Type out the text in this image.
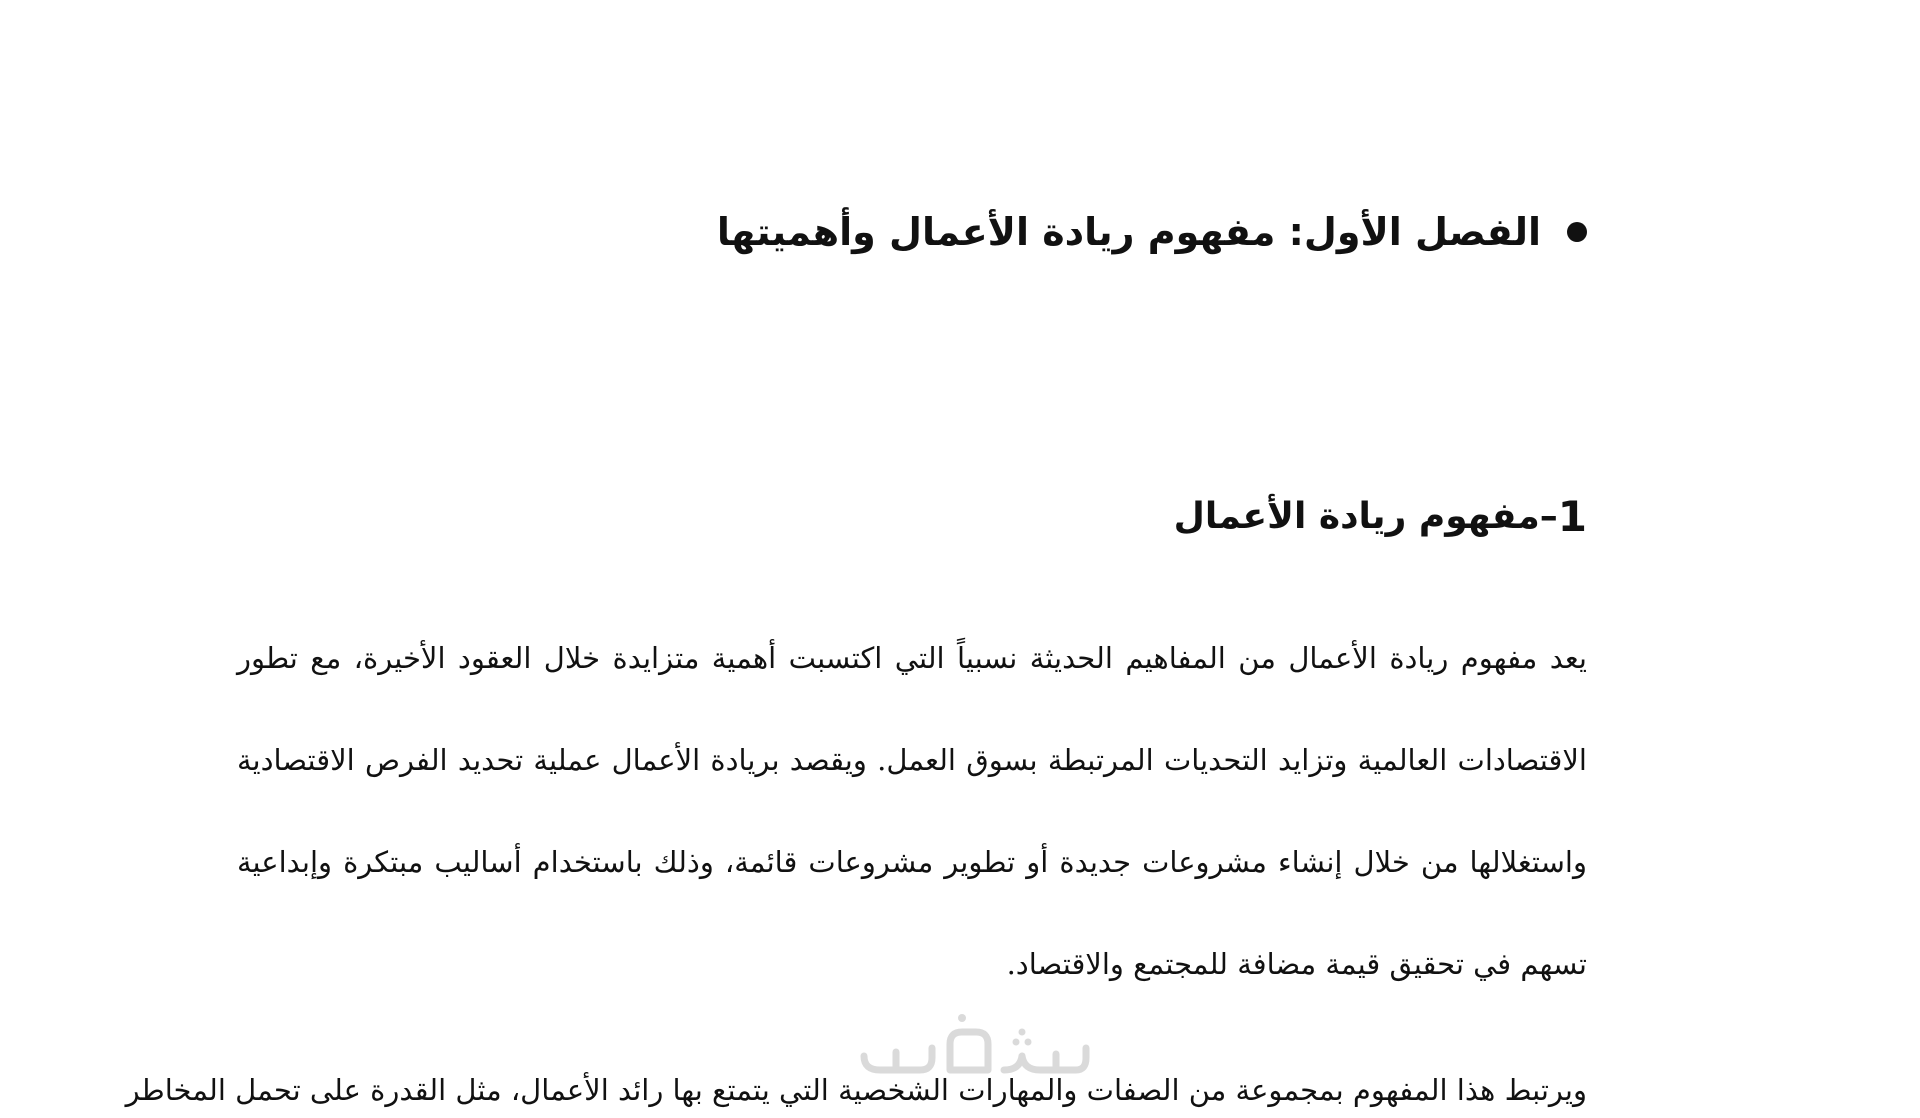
الفصل الأول: مفهوم ريادة الأعمال وأهميتها
1
–
مفهوم ريادة الأعمال
يعد مفهوم ريادة الأعمال من المفاهيم الحديثة نسبياً التي اكتسبت أهمية متزايدة خلال العقود الأخيرة، مع تطور
الاقتصادات العالمية وتزايد التحديات المرتبطة بسوق العمل. ويقصد بريادة الأعمال عملية تحديد الفرص الاقتصادية
واستغلالها من خلال إنشاء مشروعات جديدة أو تطوير مشروعات قائمة، وذلك باستخدام أساليب مبتكرة وإبداعية
تسهم في تحقيق قيمة مضافة للمجتمع والاقتصاد.
ويرتبط هذا المفهوم بمجموعة من الصفات والمهارات الشخصية التي يتمتع بها رائد الأعمال، مثل القدرة على تحمل المخاطر
